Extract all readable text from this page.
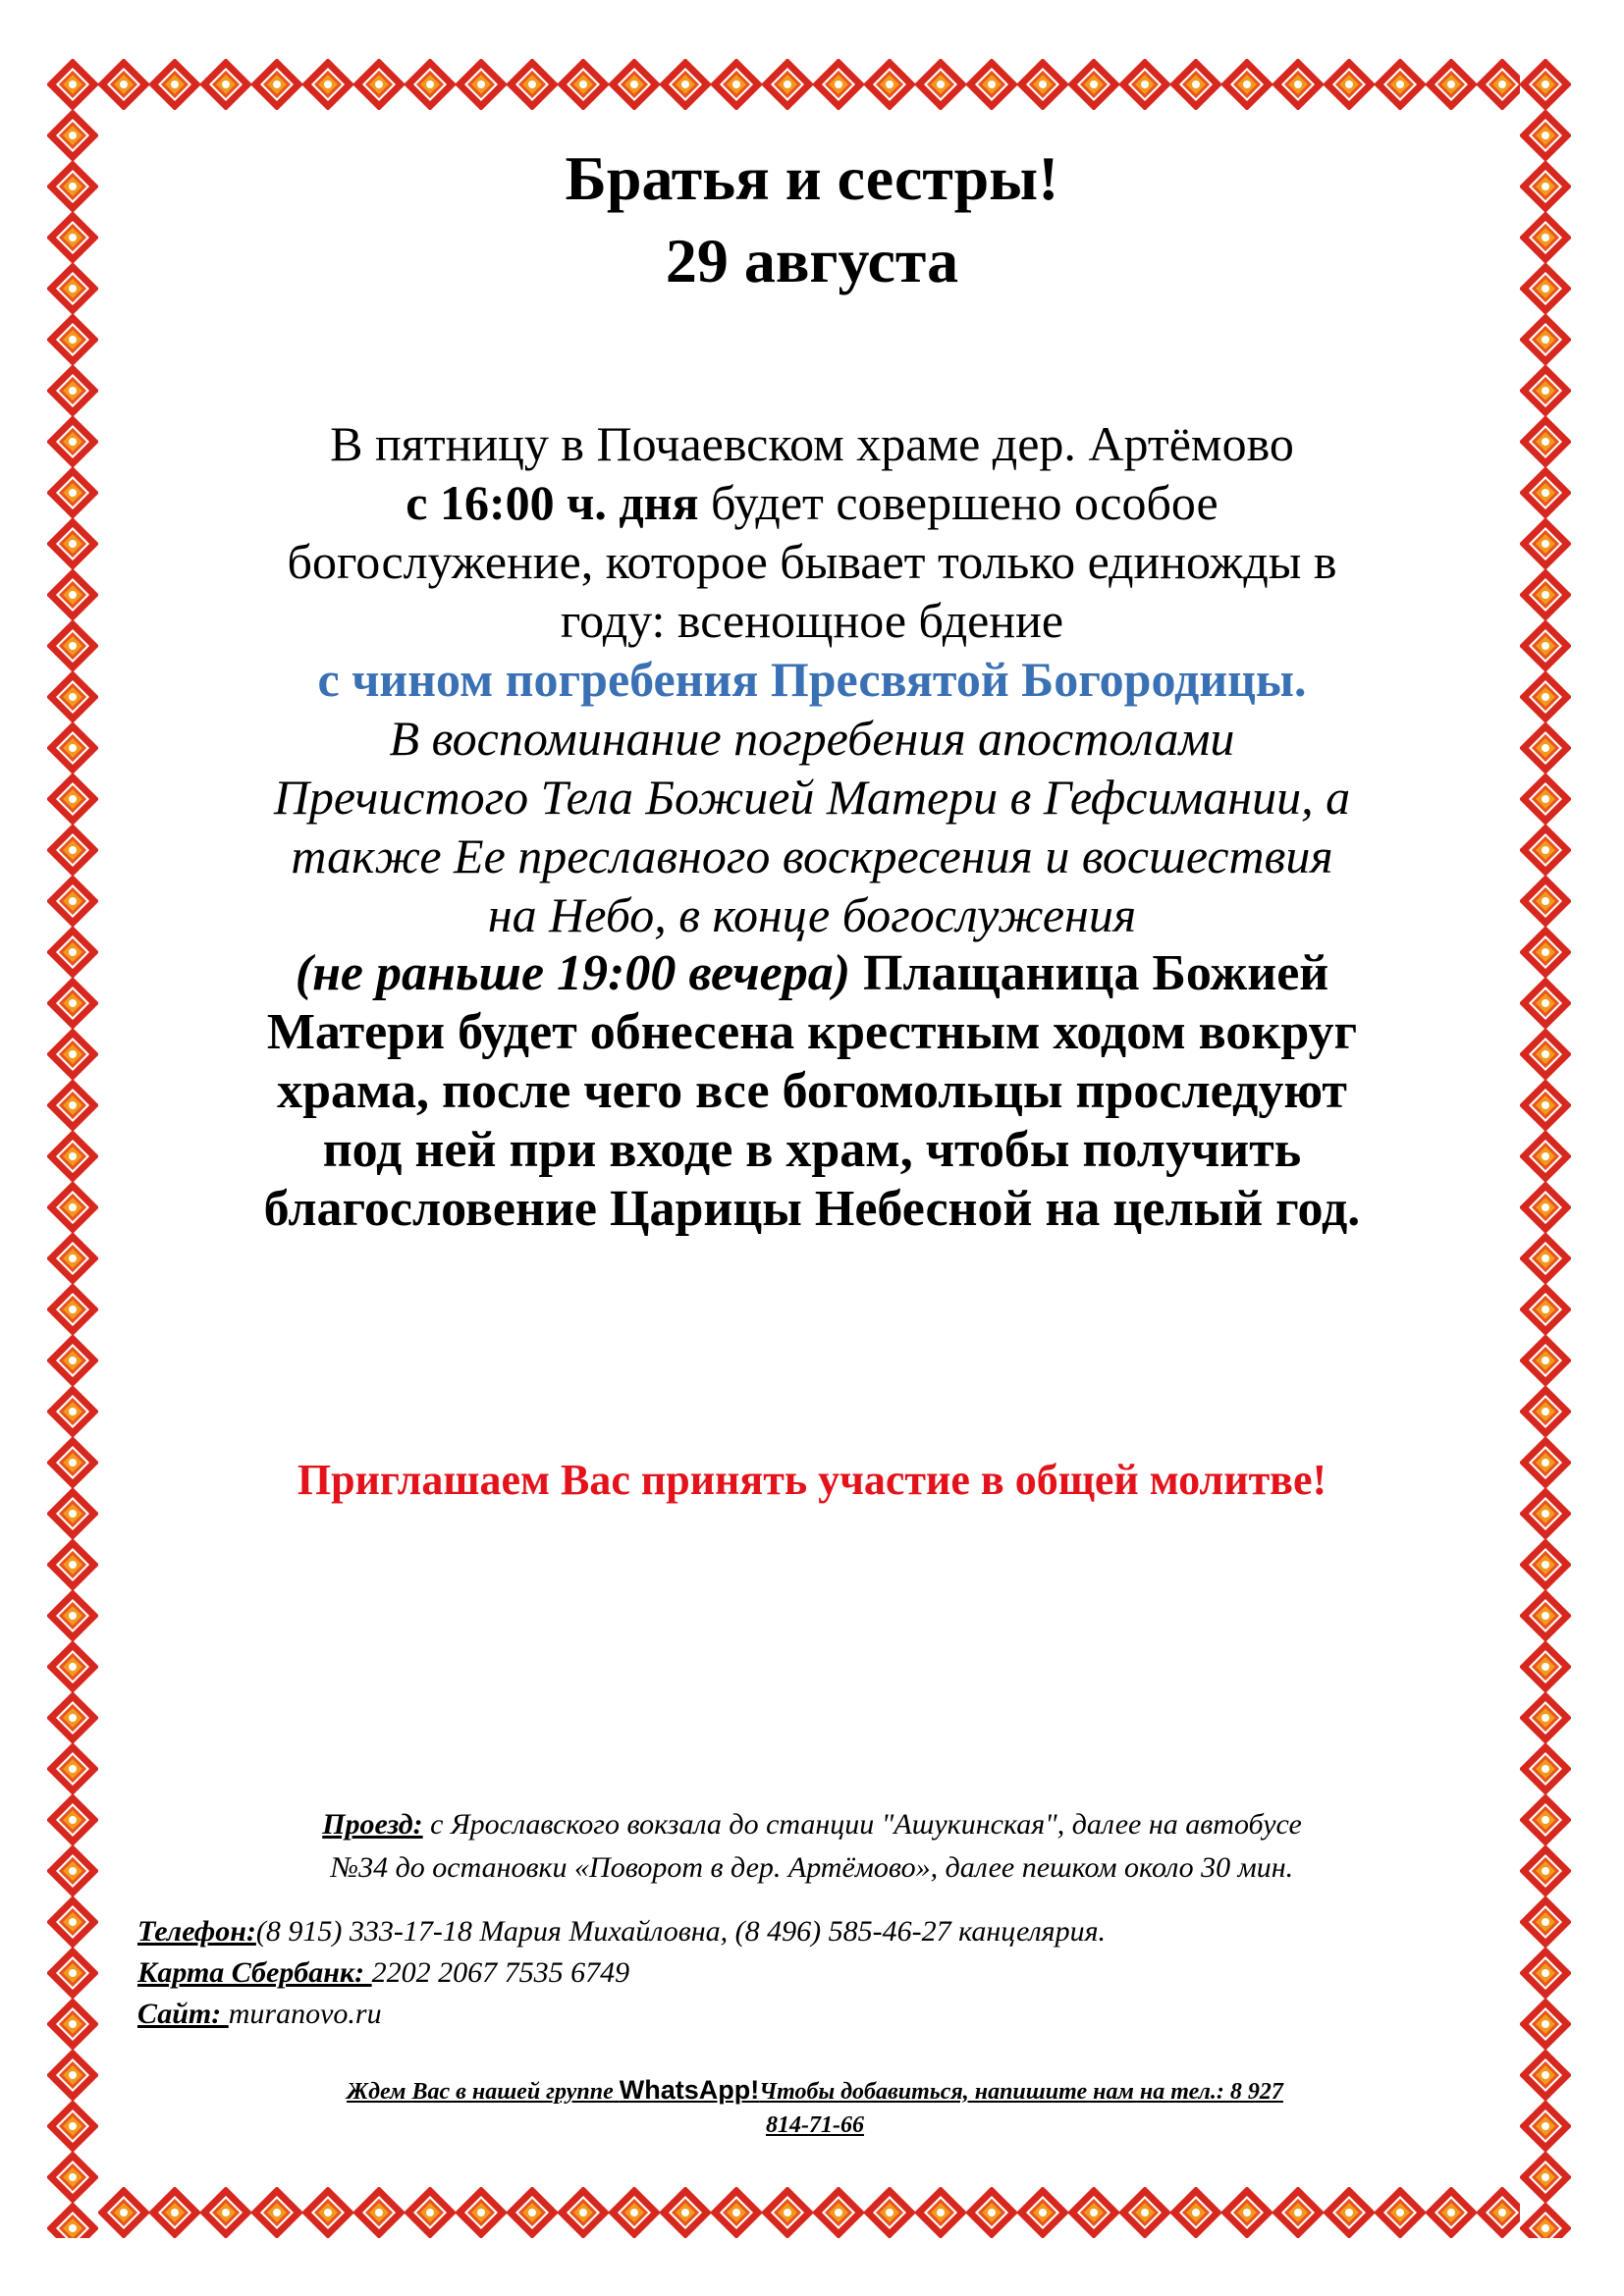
Братья и сестры!
29 августа

В пятницу в Почаевском храме дер. Артёмово

с 16:00 ч. дня будет совершено особое

богослужение, которое бывает только единожды в

году: всенощное бдение

с чином погребения Пресвятой Богородицы.

В воспоминание погребения апостолами

Пречистого Тела Божией Матери в Гефсимании, а

также Ее преславного воскресения и восшествия

на Небо, в конце богослужения

(не раньше 19:00 вечера) Плащаница Божией

Матери будет обнесена крестным ходом вокруг

храма, после чего все богомольцы проследуют

под ней при входе в храм, чтобы получить

благословение Царицы Небесной на целый год.

Приглашаем Вас принять участие в общей молитве!
Проезд: с Ярославского вокзала до станции "Ашукинская", далее на автобусе
№34 до остановки «Поворот в дер. Артёмово», далее пешком около 30 мин.
Телефон:(8 915) 333-17-18 Мария Михайловна, (8 496) 585-46-27 канцелярия.
Карта Сбербанк: 2202 2067 7535 6749
Сайт: muranovo.ru
Ждем Вас в нашей группе WhatsApp!Чтобы добавиться, напишите нам на тел.: 8 927
814-71-66
